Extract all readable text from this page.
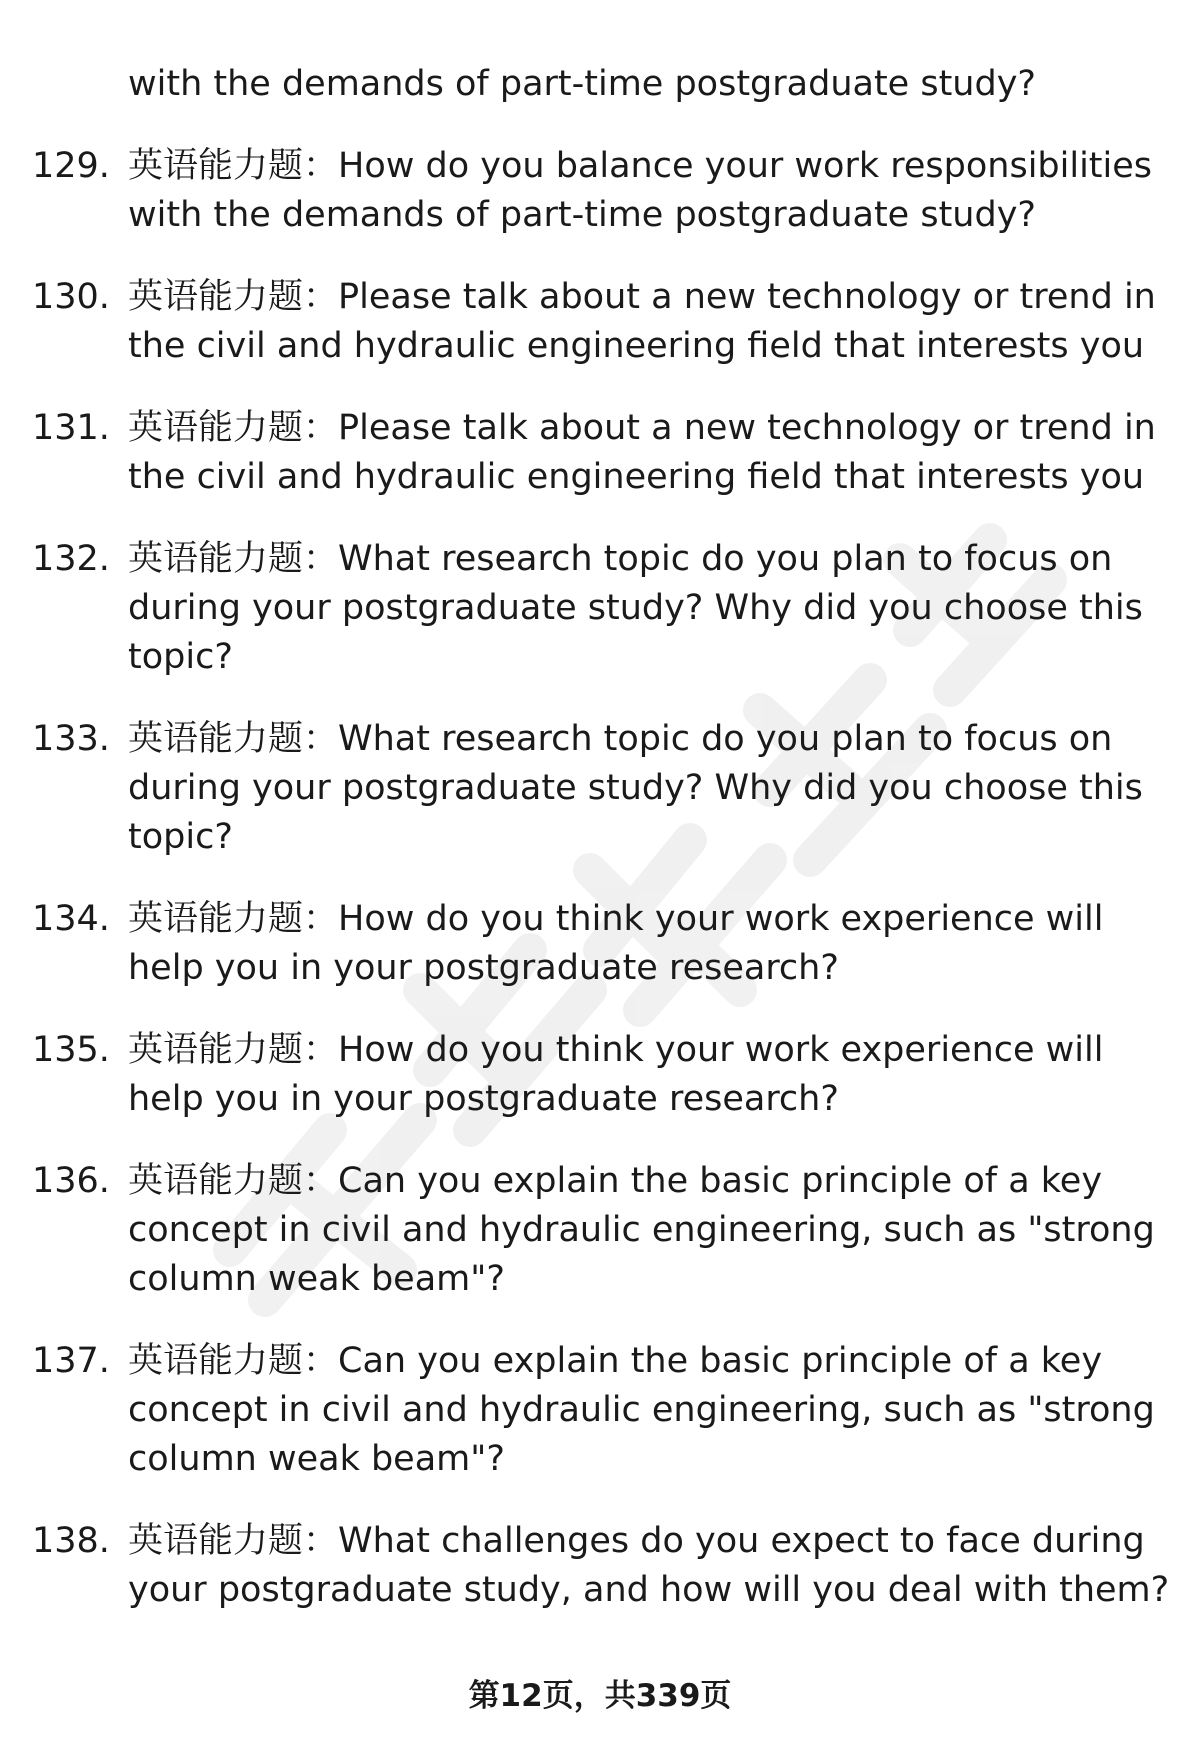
with the demands of part-time postgraduate study?

129. 英语能力题：How do you balance your work responsibilities with the demands of part-time postgraduate study?
130. 英语能力题：Please talk about a new technology or trend in the civil and hydraulic engineering field that interests you
131. 英语能力题：Please talk about a new technology or trend in the civil and hydraulic engineering field that interests you
132. 英语能力题：What research topic do you plan to focus on during your postgraduate study? Why did you choose this topic?
133. 英语能力题：What research topic do you plan to focus on during your postgraduate study? Why did you choose this topic?
134. 英语能力题：How do you think your work experience will help you in your postgraduate research?
135. 英语能力题：How do you think your work experience will help you in your postgraduate research?
136. 英语能力题：Can you explain the basic principle of a key concept in civil and hydraulic engineering, such as "strong column weak beam"?
137. 英语能力题：Can you explain the basic principle of a key concept in civil and hydraulic engineering, such as "strong column weak beam"?
138. 英语能力题：What challenges do you expect to face during your postgraduate study, and how will you deal with them?
第12页，共339页
